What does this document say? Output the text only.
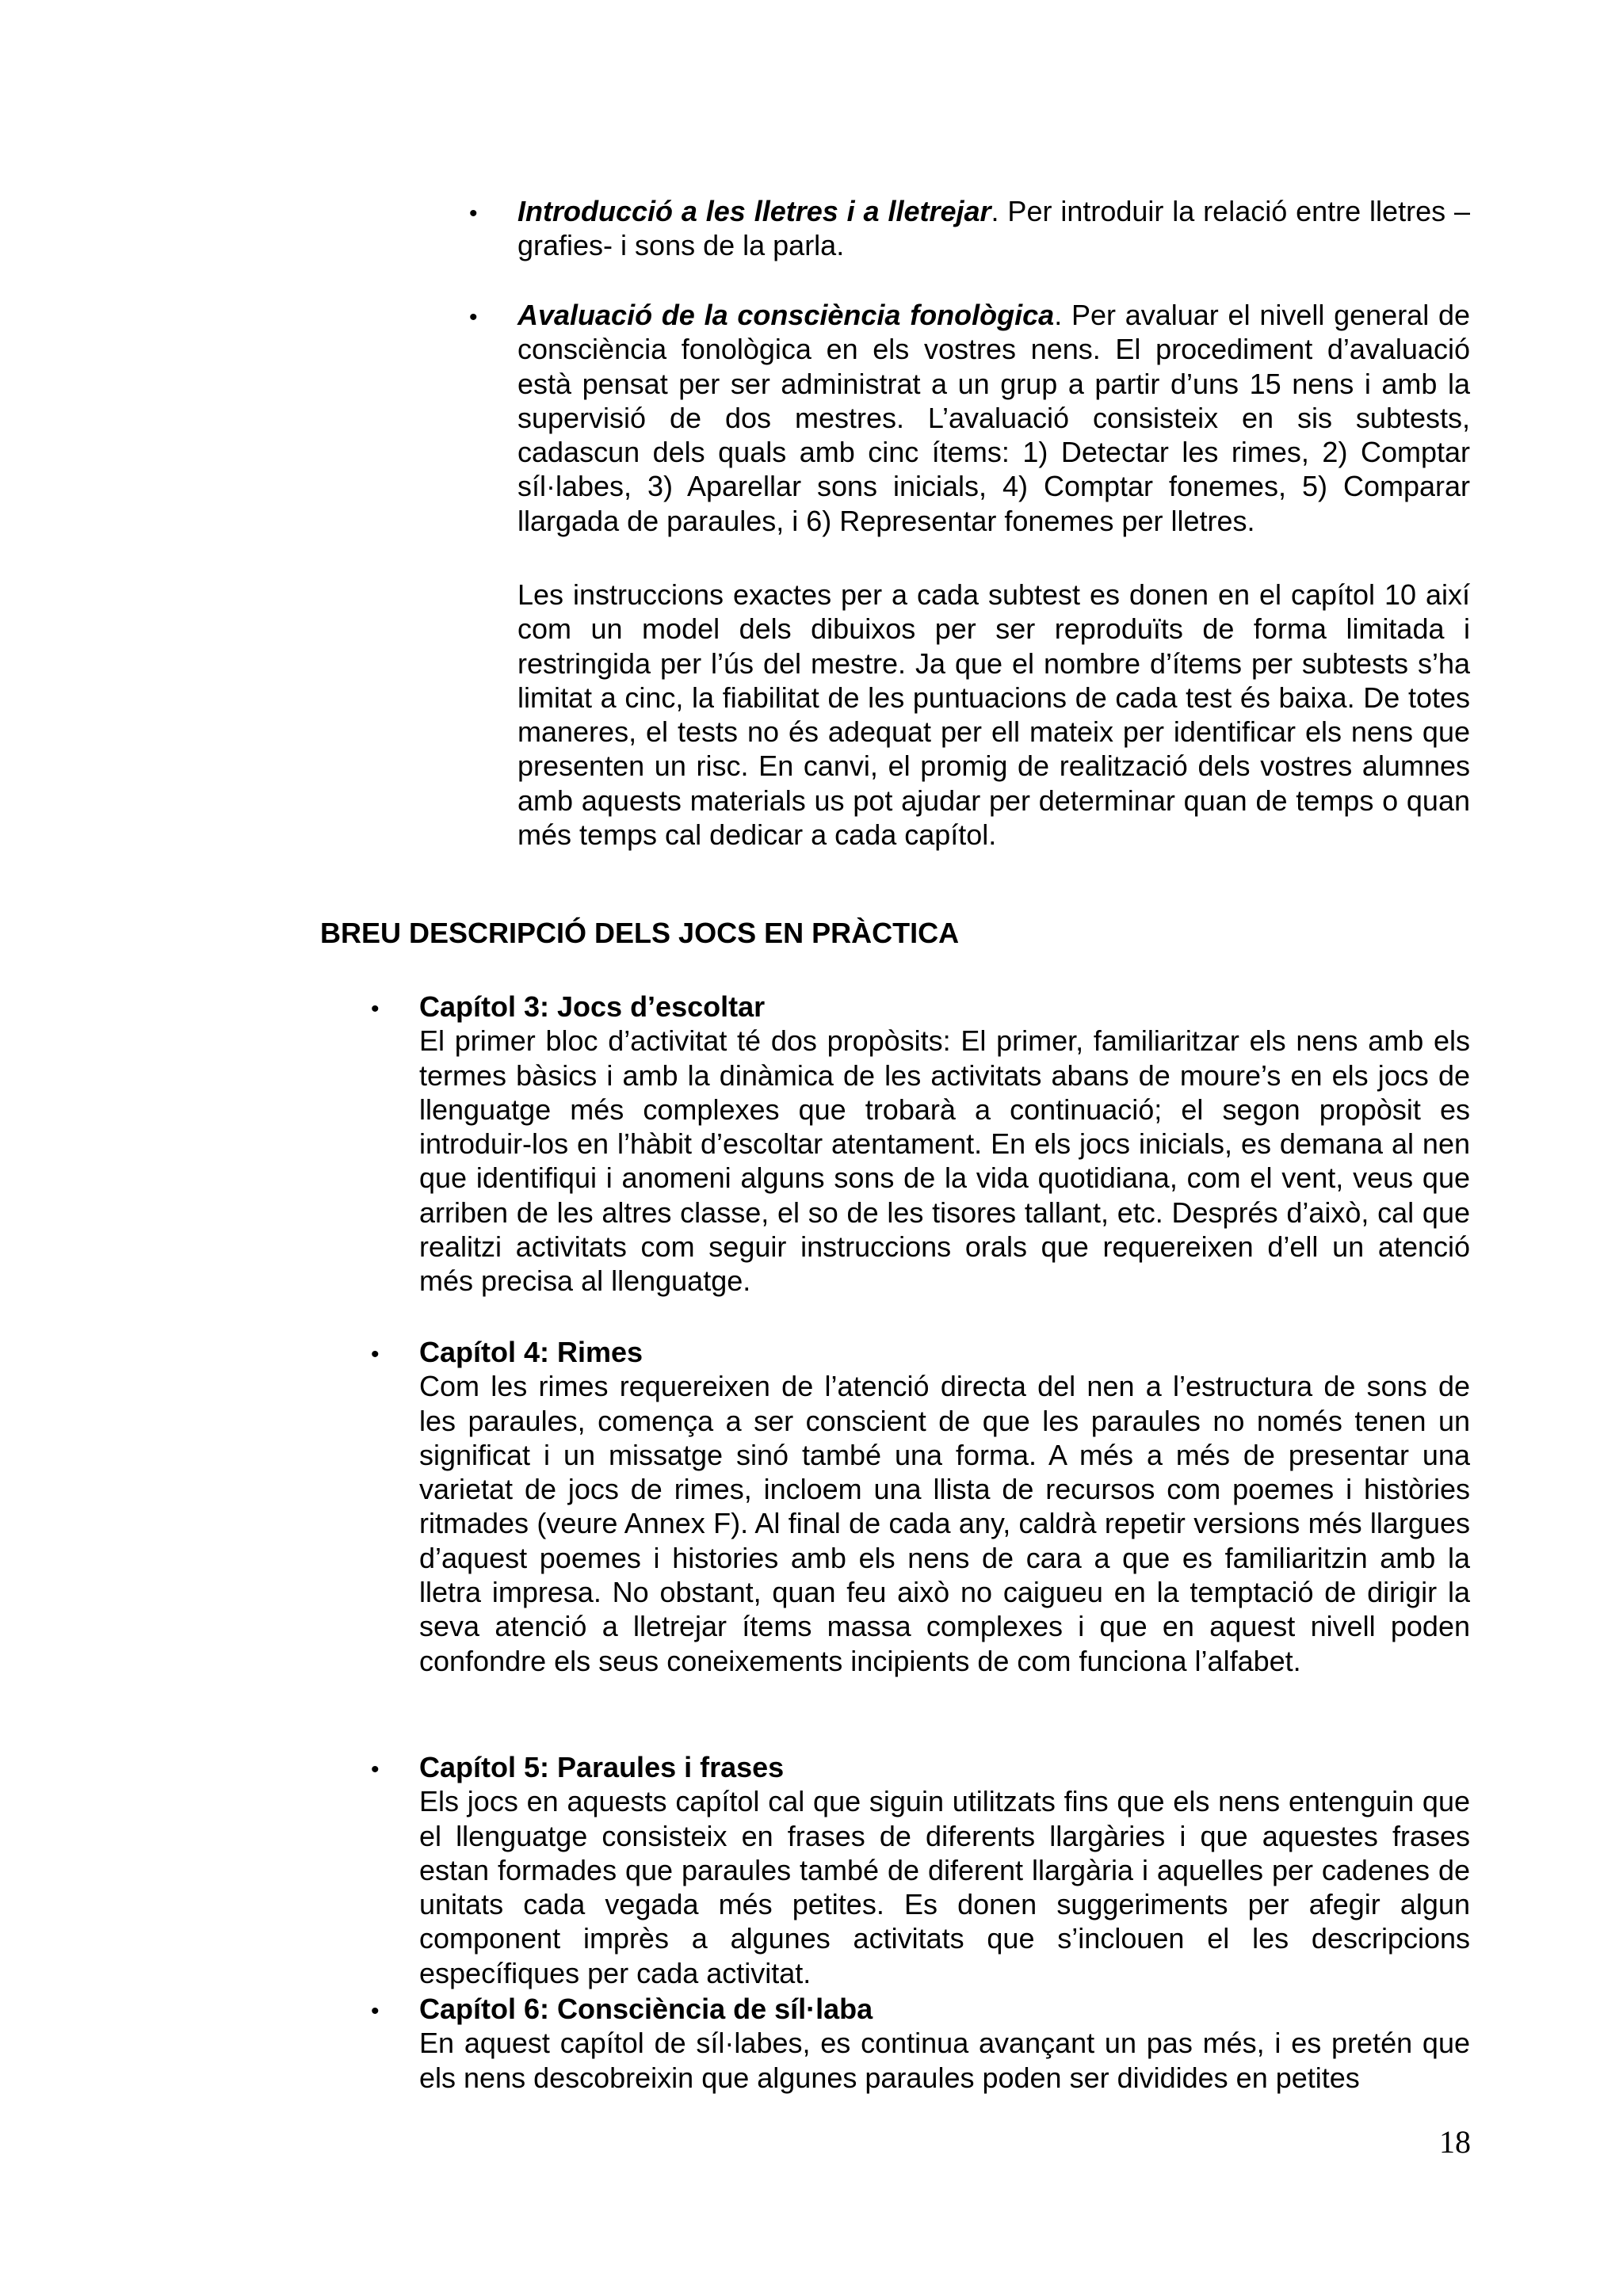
• Introducció a les lletres i a lletrejar. Per introduir la relació entre lletres –grafies- i sons de la parla.

• Avaluació de la consciència fonològica. Per avaluar el nivell general de consciència fonològica en els vostres nens. El procediment d’avaluació està pensat per ser administrat a un grup a partir d’uns 15 nens i amb la supervisió de dos mestres. L’avaluació consisteix en sis subtests, cadascun dels quals amb cinc ítems: 1) Detectar les rimes, 2) Comptar síl·labes, 3) Aparellar sons inicials, 4) Comptar fonemes, 5) Comparar llargada de paraules, i 6) Representar fonemes per lletres.

Les instruccions exactes per a cada subtest es donen en el capítol 10 així com un model dels dibuixos per ser reproduïts de forma limitada i restringida per l’ús del mestre. Ja que el nombre d’ítems per subtests s’ha limitat a cinc, la fiabilitat de les puntuacions de cada test és baixa. De totes maneres, el tests no és adequat per ell mateix per identificar els nens que presenten un risc. En canvi, el promig de realització dels vostres alumnes amb aquests materials us pot ajudar per determinar quan de temps o quan més temps cal dedicar a cada capítol.

BREU DESCRIPCIÓ DELS JOCS EN PRÀCTICA
• Capítol 3: Jocs d’escoltar

El primer bloc d’activitat té dos propòsits: El primer, familiaritzar els nens amb els termes bàsics i amb la dinàmica de les activitats abans de moure’s en els jocs de llenguatge més complexes que trobarà a continuació; el segon propòsit es introduir-los en l’hàbit d’escoltar atentament. En els jocs inicials, es demana al nen que identifiqui i anomeni alguns sons de la vida quotidiana, com el vent, veus que arriben de les altres classe, el so de les tisores tallant, etc. Després d’això, cal que realitzi activitats com seguir instruccions orals que requereixen d’ell un atenció més precisa al llenguatge.

• Capítol 4: Rimes

Com les rimes requereixen de l’atenció directa del nen a l’estructura de sons de les paraules, comença a ser conscient de que les paraules no només tenen un significat i un missatge sinó també una forma. A més a més de presentar una varietat de jocs de rimes, incloem una llista de recursos com poemes i històries ritmades (veure Annex F). Al final de cada any, caldrà repetir versions més llargues d’aquest poemes i histories amb els nens de cara a que es familiaritzin amb la lletra impresa. No obstant, quan feu això no caigueu en la temptació de dirigir la seva atenció a lletrejar ítems massa complexes i que en aquest nivell poden confondre els seus coneixements incipients de com funciona l’alfabet.

• Capítol 5: Paraules i frases

Els jocs en aquests capítol cal que siguin utilitzats fins que els nens entenguin que el llenguatge consisteix en frases de diferents llargàries i que aquestes frases estan formades que paraules també de diferent llargària i aquelles per cadenes de unitats cada vegada més petites. Es donen suggeriments per afegir algun component imprès a algunes activitats que s’inclouen el les descripcions específiques per cada activitat.

• Capítol 6: Consciència de síl·laba

En aquest capítol de síl·labes, es continua avançant un pas més, i es pretén que els nens descobreixin que algunes paraules poden ser dividides en petites

18
